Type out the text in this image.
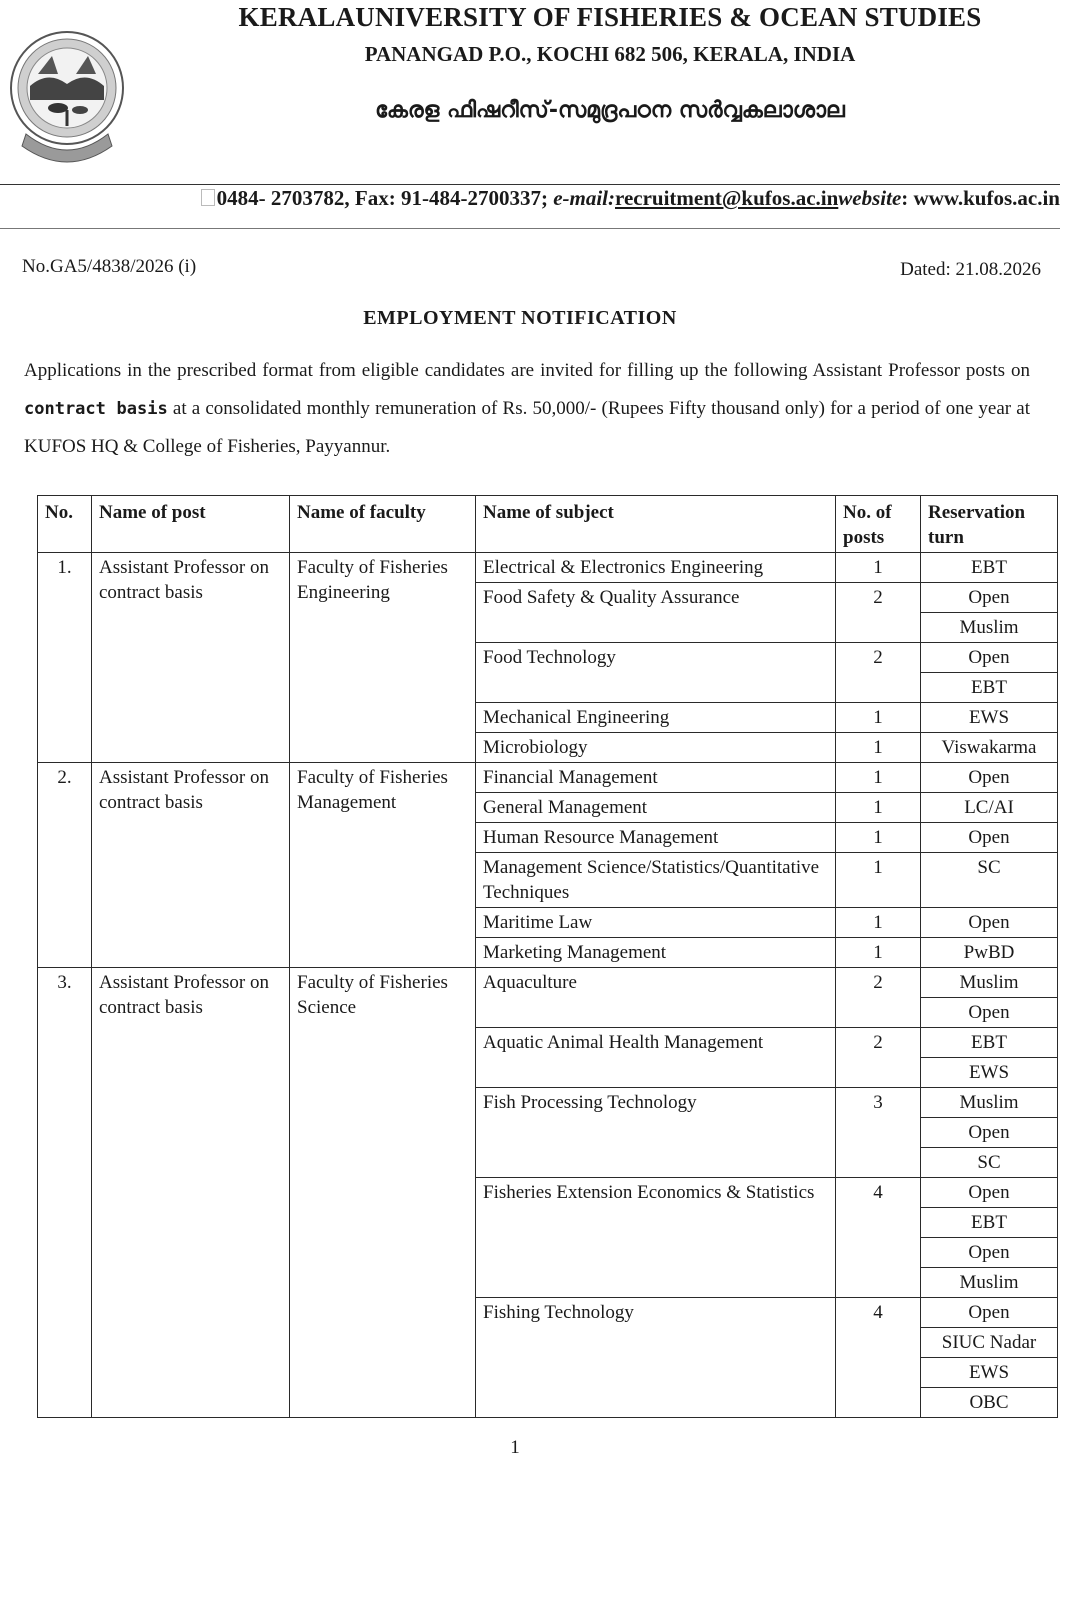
KERALAUNIVERSITY OF FISHERIES & OCEAN STUDIES
PANANGAD P.O., KOCHI 682 506, KERALA, INDIA
കേരള ഫിഷറീസ്-സമുദ്രപഠന സർവ്വകലാശാല
0484- 2703782, Fax: 91-484-2700337; e-mail:recruitment@kufos.ac.inwebsite: www.kufos.ac.in
No.GA5/4838/2026 (i)	Dated: 21.08.2026
EMPLOYMENT NOTIFICATION
Applications in the prescribed format from eligible candidates are invited for filling up the following Assistant Professor posts on contract basis at a consolidated monthly remuneration of Rs. 50,000/- (Rupees Fifty thousand only) for a period of one year at KUFOS HQ & College of Fisheries, Payyannur.
No.	Name of post	Name of faculty	Name of subject	No. of posts	Reservation turn
1.	Assistant Professor on contract basis	Faculty of Fisheries Engineering	Electrical & Electronics Engineering	1	EBT
			Food Safety & Quality Assurance	2	Open
					Muslim
			Food Technology	2	Open
					EBT
			Mechanical Engineering	1	EWS
			Microbiology	1	Viswakarma
2.	Assistant Professor on contract basis	Faculty of Fisheries Management	Financial Management	1	Open
			General Management	1	LC/AI
			Human Resource Management	1	Open
			Management Science/Statistics/Quantitative Techniques	1	SC
			Maritime Law	1	Open
			Marketing Management	1	PwBD
3.	Assistant Professor on contract basis	Faculty of Fisheries Science	Aquaculture	2	Muslim
					Open
			Aquatic Animal Health Management	2	EBT
					EWS
			Fish Processing Technology	3	Muslim
					Open
					SC
			Fisheries Extension Economics & Statistics	4	Open
					EBT
					Open
					Muslim
			Fishing Technology	4	Open
					SIUC Nadar
					EWS
					OBC
1
